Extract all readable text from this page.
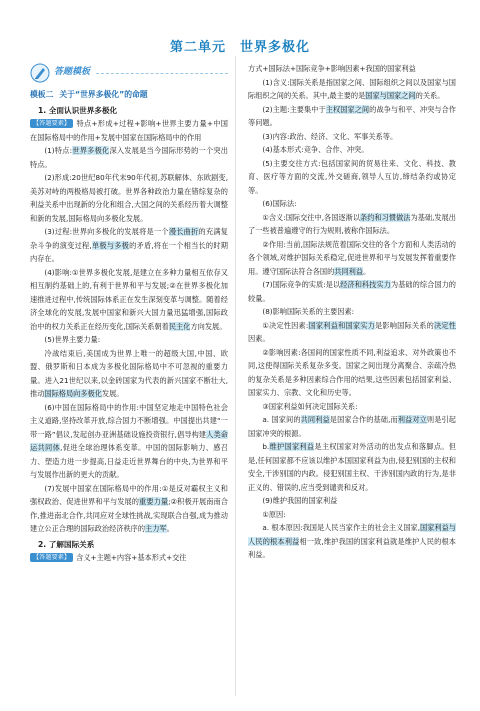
第二单元　世界多极化
答题模板
模板二 关于“世界多极化”的命题
1. 全面认识世界多极化

【答题要素】 特点+形成+过程+影响+世界主要力量+中国在国际格局中的作用+发展中国家在国际格局中的作用

(1)特点:世界多极化深入发展是当今国际形势的一个突出特点。

(2)形成:20世纪80年代末90年代初,苏联解体、东欧剧变,美苏对峙的两极格局被打破。世界各种政治力量在错综复杂的利益关系中出现新的分化和组合,大国之间的关系经历着大调整和新的发展,国际格局向多极化发展。

(3)过程:世界向多极化的发展将是一个漫长曲折的充满复杂斗争的演变过程,单极与多极的矛盾,将在一个相当长的时期内存在。

(4)影响:①世界多极化发展,是建立在多种力量相互依存又相互制约基础上的,有利于世界和平与发展;②在世界多极化加速推进过程中,传统国际体系正在发生深刻变革与调整。随着经济全球化的发展,发展中国家和新兴大国力量迅猛增强,国际政治中的权力关系正在经历变化,国际关系朝着民主化方向发展。

(5)世界主要力量:

冷战结束后,美国成为世界上唯一的超级大国,中国、欧盟、俄罗斯和日本成为多极化国际格局中不可忽视的重要力量。进入21世纪以来,以金砖国家为代表的新兴国家不断壮大,推动国际格局向多极化发展。

(6)中国在国际格局中的作用:中国坚定地走中国特色社会主义道路,坚持改革开放,综合国力不断增强。中国提出共建“一带一路”倡议,发起创办亚洲基础设施投资银行,倡导构建人类命运共同体,促进全球治理体系变革。中国的国际影响力、感召力、塑造力进一步提高,日益走近世界舞台的中央,为世界和平与发展作出新的更大的贡献。

(7)发展中国家在国际格局中的作用:①是反对霸权主义和强权政治、促进世界和平与发展的重要力量;②积极开展南南合作,推进南北合作,共同应对全球性挑战,实现联合自强,成为推动建立公正合理的国际政治经济秩序的主力军。

2. 了解国际关系

【答题要素】 含义+主题+内容+基本形式+交往

方式+国际法+国际竞争+影响因素+我国的国家利益

(1)含义:国际关系是指国家之间、国际组织之间以及国家与国际组织之间的关系。其中,最主要的是国家与国家之间的关系。

(2)主题:主要集中于主权国家之间的战争与和平、冲突与合作等问题。

(3)内容:政治、经济、文化、军事关系等。

(4)基本形式:竞争、合作、冲突。

(5)主要交往方式:包括国家间的贸易往来、文化、科技、教育、医疗等方面的交流,外交磋商,领导人互访,缔结条约或协定等。

(6)国际法:

①含义:国际交往中,各国逐渐以条约和习惯做法为基础,发展出了一些被普遍遵守的行为规则,被称作国际法。

②作用:当前,国际法规范着国际交往的各个方面和人类活动的各个领域,对维护国际关系稳定,促进世界和平与发展发挥着重要作用。遵守国际法符合各国的共同利益。

(7)国际竞争的实质:是以经济和科技实力为基础的综合国力的较量。

(8)影响国际关系的主要因素:

①决定性因素:国家利益和国家实力是影响国际关系的决定性因素。

②影响因素:各国间的国家性质不同,利益追求、对外政策也不同,这使得国际关系复杂多变。国家之间出现分离聚合、亲疏冷热的复杂关系是多种因素综合作用的结果,这些因素包括国家利益、国家实力、宗教、文化和历史等。

③国家利益如何决定国际关系:

a. 国家间的共同利益是国家合作的基础,而利益对立则是引起国家冲突的根源。

b.维护国家利益是主权国家对外活动的出发点和落脚点。但是,任何国家都不应该以维护本国国家利益为由,侵犯别国的主权和安全,干涉别国的内政。侵犯别国主权、干涉别国内政的行为,是非正义的、错误的,应当受到谴责和反对。

(9)维护我国的国家利益

①原因:

a. 根本原因:我国是人民当家作主的社会主义国家,国家利益与人民的根本利益相一致,维护我国的国家利益就是维护人民的根本利益。
